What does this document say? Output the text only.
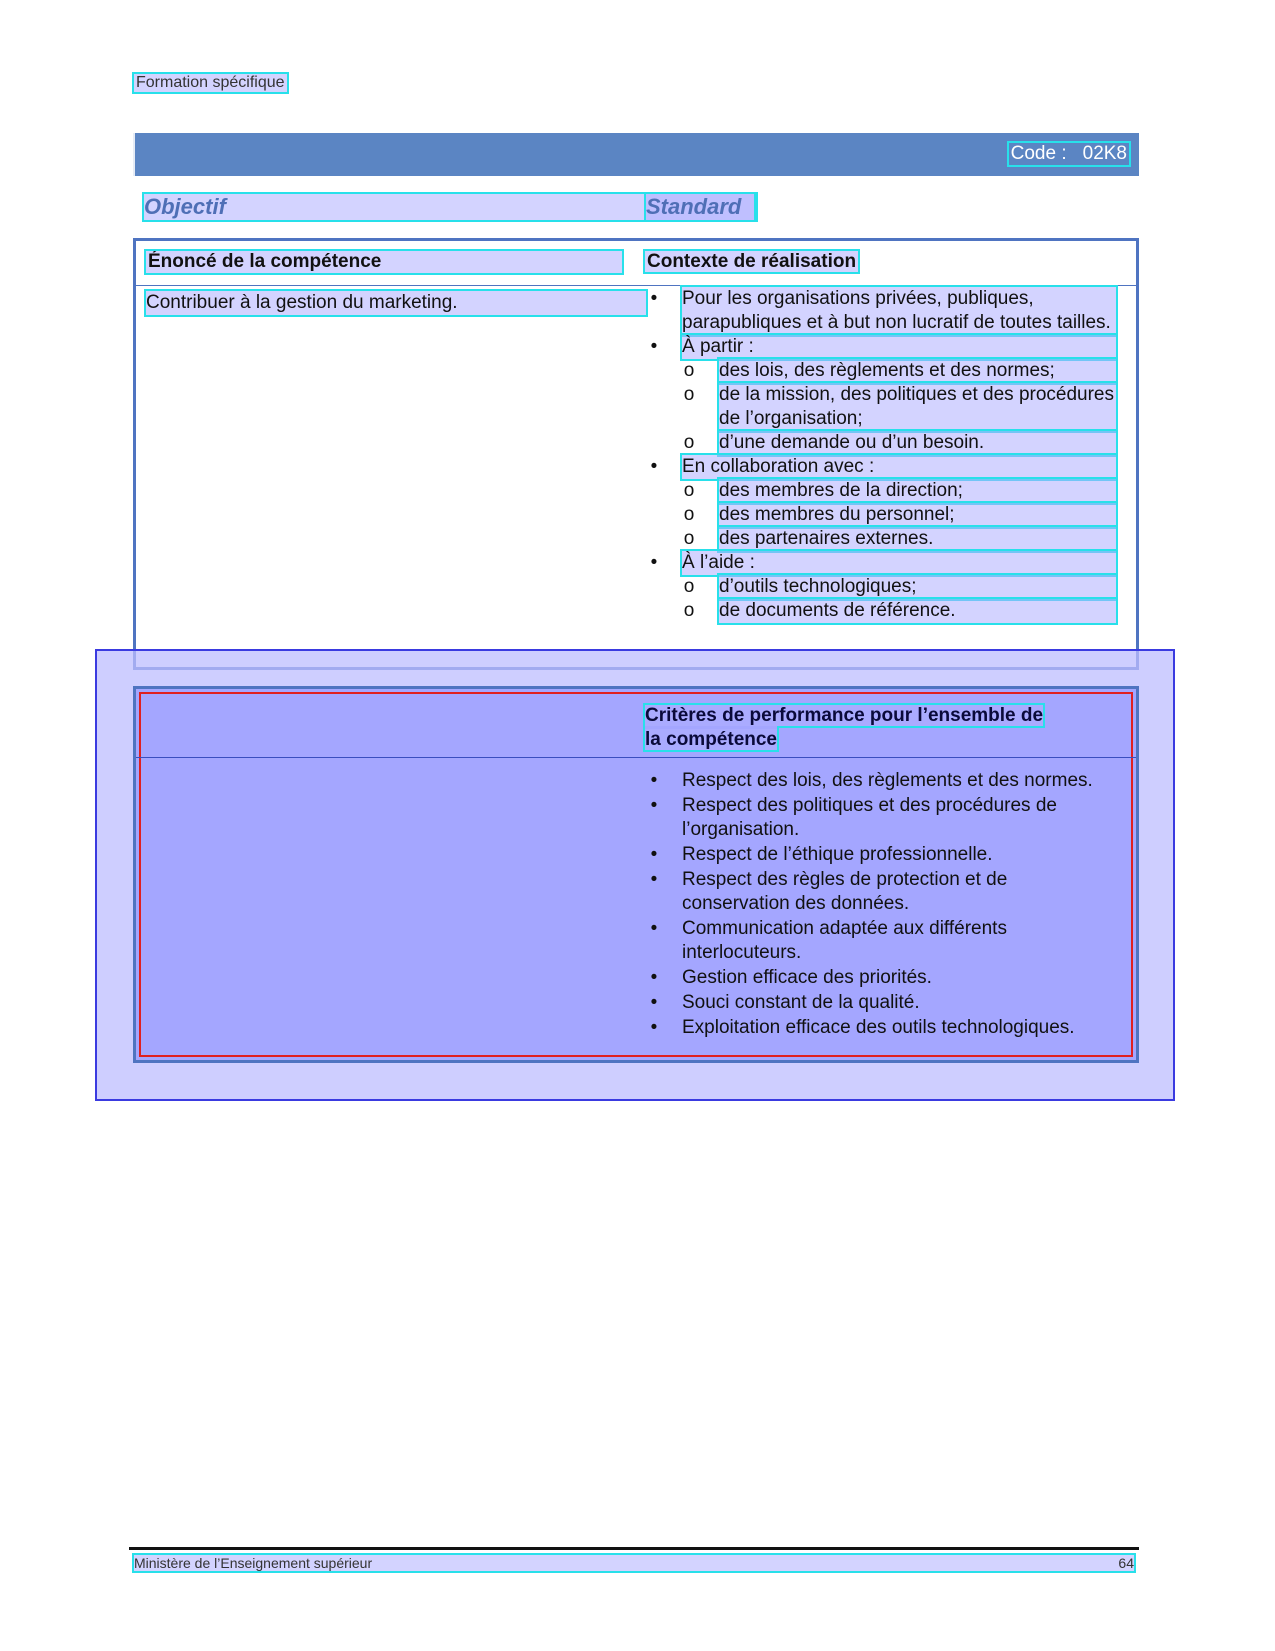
Formation spécifique
Code : 02K8
Objectif	Standard
Énoncé de la compétence	Contexte de réalisation
Contribuer à la gestion du marketing.	• Pour les organisations privées, publiques, parapubliques et à but non lucratif de toutes tailles.
• À partir :
o des lois, des règlements et des normes;
o de la mission, des politiques et des procédures de l’organisation;
o d’une demande ou d’un besoin.
• En collaboration avec :
o des membres de la direction;
o des membres du personnel;
o des partenaires externes.
• À l’aide :
o d’outils technologiques;
o de documents de référence.
Critères de performance pour l’ensemble de la compétence
• Respect des lois, des règlements et des normes.
• Respect des politiques et des procédures de l’organisation.
• Respect de l’éthique professionnelle.
• Respect des règles de protection et de conservation des données.
• Communication adaptée aux différents interlocuteurs.
• Gestion efficace des priorités.
• Souci constant de la qualité.
• Exploitation efficace des outils technologiques.
Ministère de l’Enseignement supérieur	64
